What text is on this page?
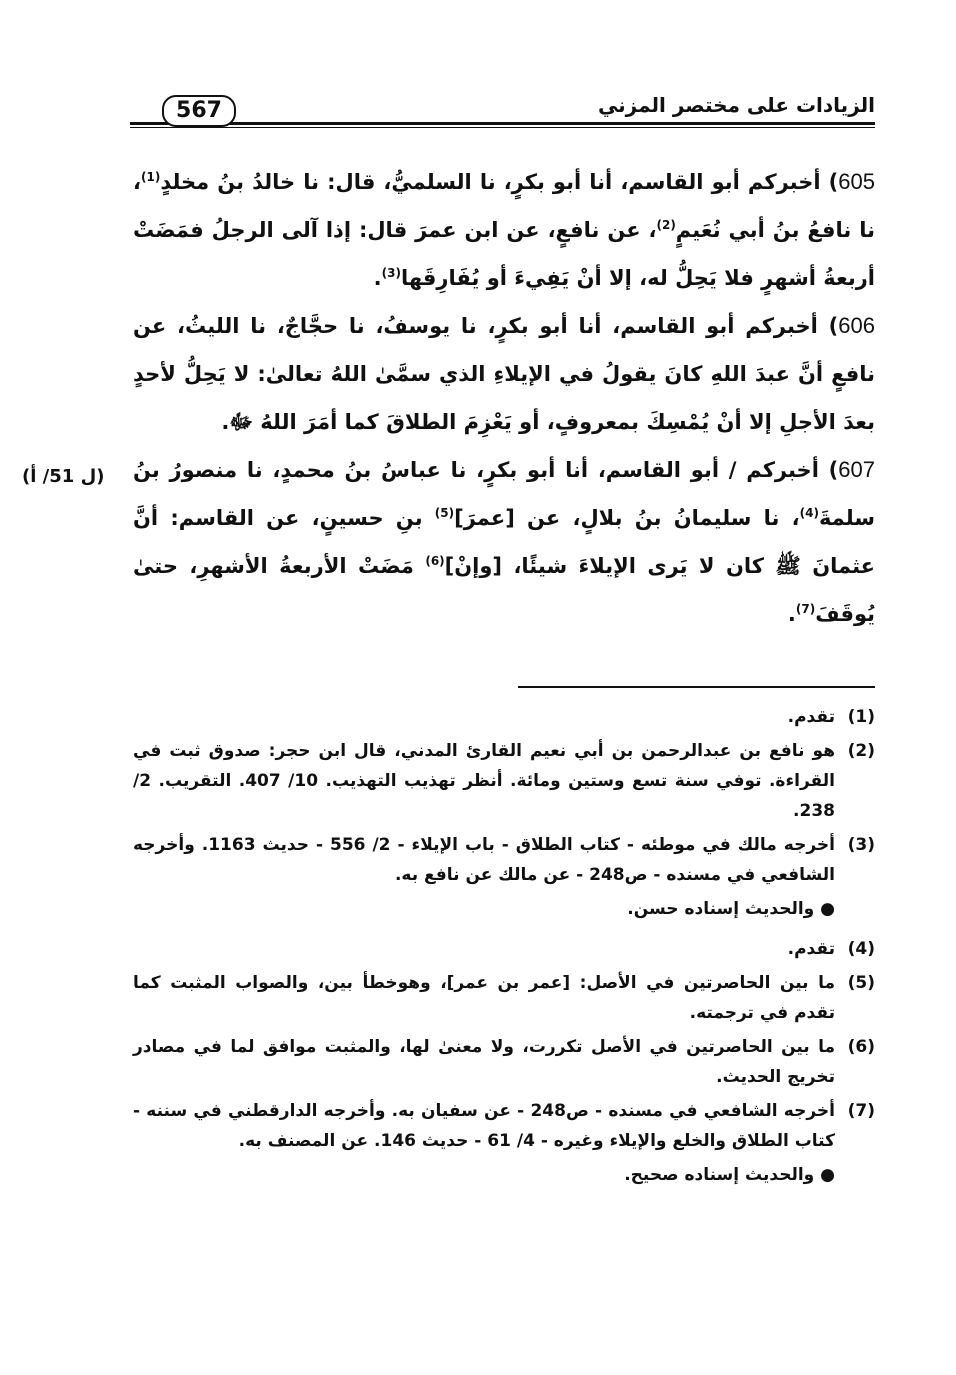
567	الزيادات على مختصر المزني
605) أخبركم أبو القاسم، أنا أبو بكرٍ، نا السلميُّ، قال: نا خالدُ بنُ مخلدٍ$^{(1)}$، نا نافعُ بنُ أبي نُعَيمٍ$^{(2)}$، عن نافعٍ، عن ابن عمرَ قال: إذا آلى الرجلُ فمَضَتْ أربعةُ أشهرٍ فلا يَحِلُّ له، إلا أنْ يَفِيءَ أو يُفَارِقَها$^{(3)}$.
606) أخبركم أبو القاسم، أنا أبو بكرٍ، نا يوسفُ، نا حجَّاجٌ، نا الليثُ، عن نافعٍ أنَّ عبدَ اللهِ كانَ يقولُ في الإيلاءِ الذي سمَّىٰ اللهُ تعالىٰ: لا يَحِلُّ لأحدٍ بعدَ الأجلِ إلا أنْ يُمْسِكَ بمعروفٍ، أو يَعْزِمَ الطلاقَ كما أمَرَ اللهُ ﷻ.
607) أخبركم / أبو القاسم، أنا أبو بكرٍ، نا عباسُ بنُ محمدٍ، نا منصورُ بنُ سلمةَ$^{(4)}$، نا سليمانُ بنُ بلالٍ، عن [عمرَ]$^{(5)}$ بنِ حسينٍ، عن القاسم: أنَّ عثمانَ ﷺ كان لا يَرى الإيلاءَ شيئًا، [وإنْ]$^{(6)}$ مَضَتْ الأربعةُ الأشهرِ، حتىٰ يُوقَفَ$^{(7)}$.
(ل 51/ أ)
(1)
تقدم.
(2)
هو نافع بن عبدالرحمن بن أبي نعيم القارئ المدني، قال ابن حجر: صدوق ثبت في القراءة. توفي سنة تسع وستين ومائة. أنظر تهذيب التهذيب. 10/ 407. التقريب. 2/ 238.
(3)
أخرجه مالك في موطئه - كتاب الطلاق - باب الإيلاء - 2/ 556 - حديث 1163. وأخرجه الشافعي في مسنده - ص248 - عن مالك عن نافع به.
● والحديث إسناده حسن.
(4)
تقدم.
(5)
ما بين الحاصرتين في الأصل: [عمر بن عمر]، وهوخطأ بين، والصواب المثبت كما تقدم في ترجمته.
(6)
ما بين الحاصرتين في الأصل تكررت، ولا معنىٰ لها، والمثبت موافق لما في مصادر تخريج الحديث.
(7)
أخرجه الشافعي في مسنده - ص248 - عن سفيان به. وأخرجه الدارقطني في سننه - كتاب الطلاق والخلع والإيلاء وغيره - 4/ 61 - حديث 146. عن المصنف به.
● والحديث إسناده صحيح.
